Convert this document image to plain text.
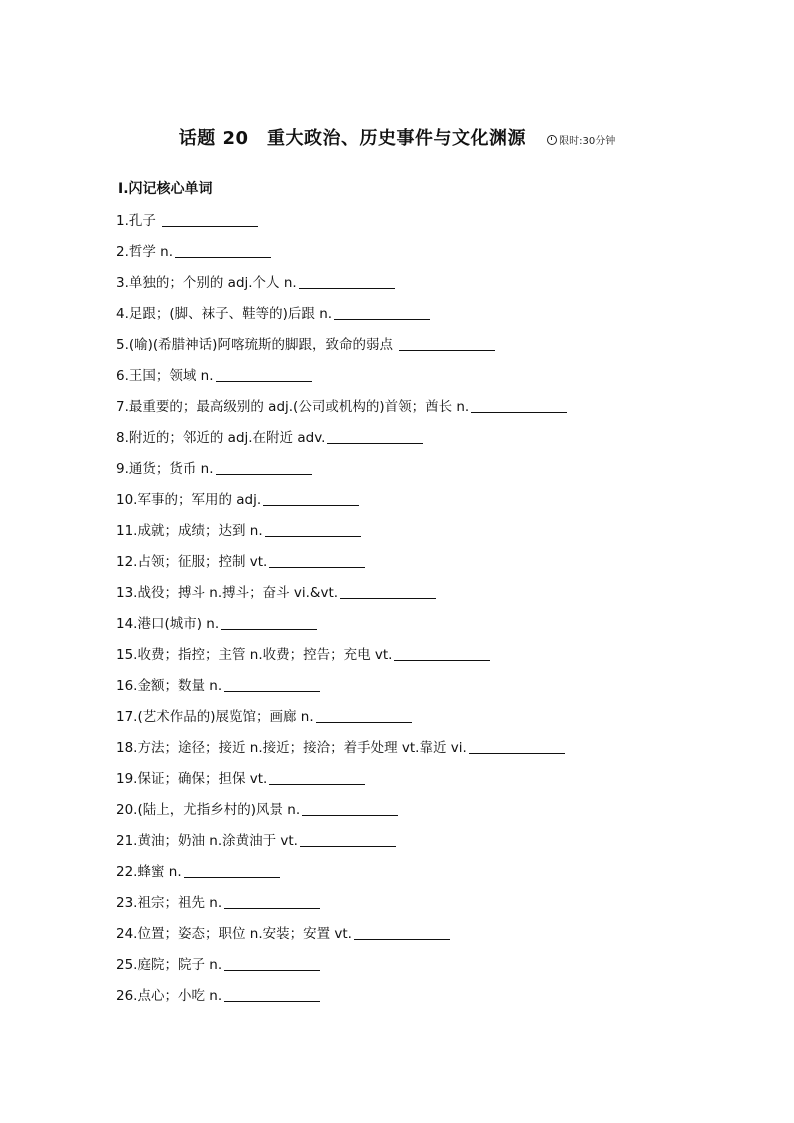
话题 20　重大政治、历史事件与文化渊源	限时:30分钟
Ⅰ.闪记核心单词
1.孔子
2.哲学 n.
3.单独的；个别的 adj.个人 n.
4.足跟；(脚、袜子、鞋等的)后跟 n.
5.(喻)(希腊神话)阿喀琉斯的脚跟，致命的弱点
6.王国；领域 n.
7.最重要的；最高级别的 adj.(公司或机构的)首领；酋长 n.
8.附近的；邻近的 adj.在附近 adv.
9.通货；货币 n.
10.军事的；军用的 adj.
11.成就；成绩；达到 n.
12.占领；征服；控制 vt.
13.战役；搏斗 n.搏斗；奋斗 vi.&vt.
14.港口(城市) n.
15.收费；指控；主管 n.收费；控告；充电 vt.
16.金额；数量 n.
17.(艺术作品的)展览馆；画廊 n.
18.方法；途径；接近 n.接近；接洽；着手处理 vt.靠近 vi.
19.保证；确保；担保 vt.
20.(陆上，尤指乡村的)风景 n.
21.黄油；奶油 n.涂黄油于 vt.
22.蜂蜜 n.
23.祖宗；祖先 n.
24.位置；姿态；职位 n.安装；安置 vt.
25.庭院；院子 n.
26.点心；小吃 n.
